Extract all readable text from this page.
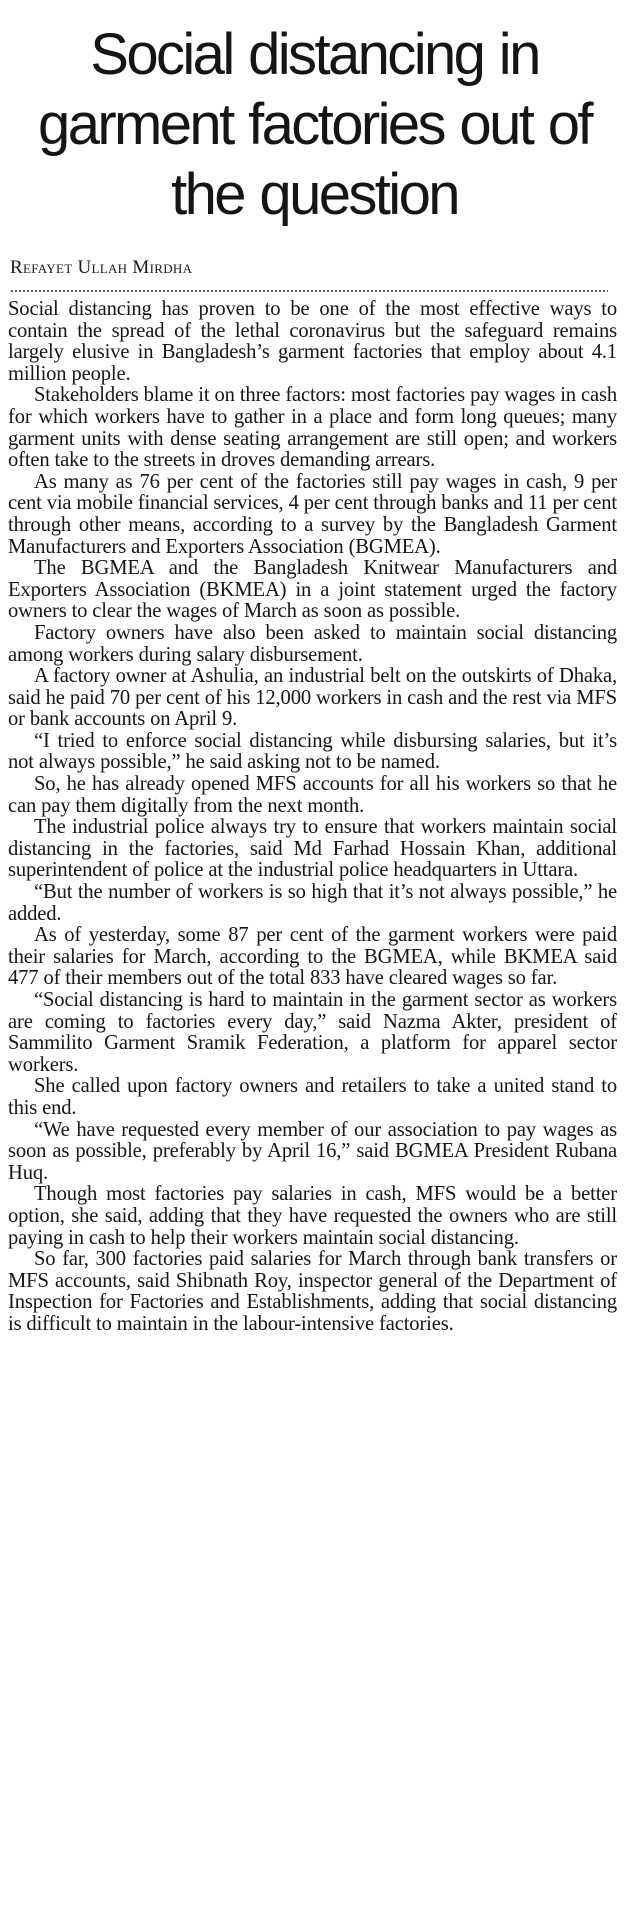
Social distancing in garment factories out of the question
Refayet Ullah Mirdha

Social distancing has proven to be one of the most effective ways to contain the spread of the lethal coronavirus but the safeguard remains largely elusive in Bangladesh’s garment factories that employ about 4.1 million people.

Stakeholders blame it on three factors: most factories pay wages in cash for which workers have to gather in a place and form long queues; many garment units with dense seating arrangement are still open; and workers often take to the streets in droves demanding arrears.

As many as 76 per cent of the factories still pay wages in cash, 9 per cent via mobile financial services, 4 per cent through banks and 11 per cent through other means, according to a survey by the Bangladesh Garment Manufacturers and Exporters Association (BGMEA).

The BGMEA and the Bangladesh Knitwear Manufacturers and Exporters Association (BKMEA) in a joint statement urged the factory owners to clear the wages of March as soon as possible.

Factory owners have also been asked to maintain social distancing among workers during salary disbursement.

A factory owner at Ashulia, an industrial belt on the outskirts of Dhaka, said he paid 70 per cent of his 12,000 workers in cash and the rest via MFS or bank accounts on April 9.

“I tried to enforce social distancing while disbursing salaries, but it’s not always possible,” he said asking not to be named.

So, he has already opened MFS accounts for all his workers so that he can pay them digitally from the next month.

The industrial police always try to ensure that workers maintain social distancing in the factories, said Md Farhad Hossain Khan, additional superintendent of police at the industrial police headquarters in Uttara.

“But the number of workers is so high that it’s not always possible,” he added.

As of yesterday, some 87 per cent of the garment workers were paid their salaries for March, according to the BGMEA, while BKMEA said 477 of their members out of the total 833 have cleared wages so far.

“Social distancing is hard to maintain in the garment sector as workers are coming to factories every day,” said Nazma Akter, president of Sammilito Garment Sramik Federation, a platform for apparel sector workers.

She called upon factory owners and retailers to take a united stand to this end.

“We have requested every member of our association to pay wages as soon as possible, preferably by April 16,” said BGMEA President Rubana Huq.

Though most factories pay salaries in cash, MFS would be a better option, she said, adding that they have requested the owners who are still paying in cash to help their workers maintain social distancing.

So far, 300 factories paid salaries for March through bank transfers or MFS accounts, said Shibnath Roy, inspector general of the Department of Inspection for Factories and Establishments, adding that social distancing is difficult to maintain in the labour-intensive factories.
